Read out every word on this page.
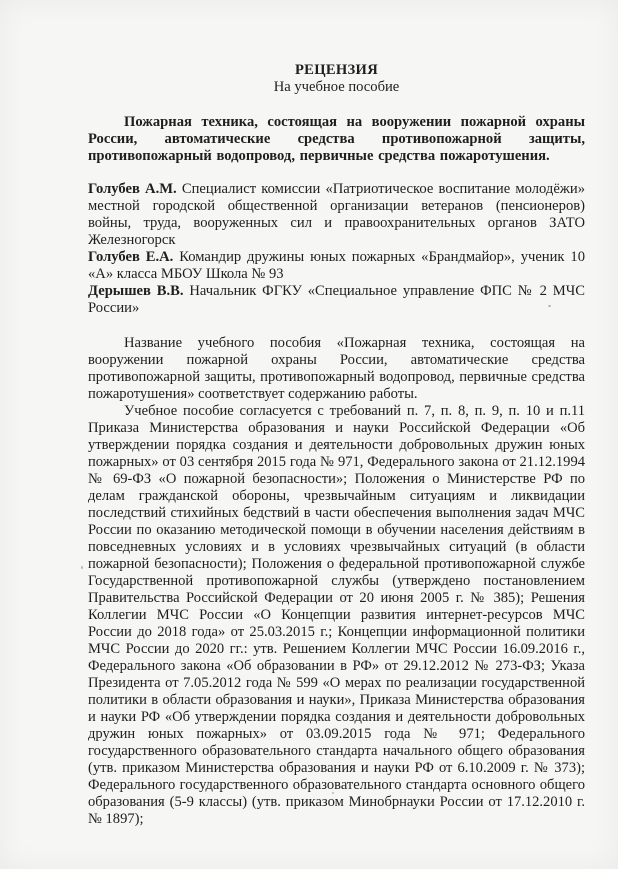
РЕЦЕНЗИЯ

На учебное пособие

Пожарная техника, состоящая на вооружении пожарной охраны России, автоматические средства противопожарной защиты, противопожарный водопровод, первичные средства пожаротушения.

Голубев А.М. Специалист комиссии «Патриотическое воспитание молодёжи» местной городской общественной организации ветеранов (пенсионеров) войны, труда, вооруженных сил и правоохранительных органов ЗАТО Железногорск

Голубев Е.А. Командир дружины юных пожарных «Брандмайор», ученик 10 «А» класса МБОУ Школа № 93

Дерышев В.В. Начальник ФГКУ «Специальное управление ФПС № 2 МЧС России»

Название учебного пособия «Пожарная техника, состоящая на вооружении пожарной охраны России, автоматические средства противопожарной защиты, противопожарный водопровод, первичные средства пожаротушения» соответствует содержанию работы.

Учебное пособие согласуется с требований п. 7, п. 8, п. 9, п. 10 и п.11 Приказа Министерства образования и науки Российской Федерации «Об утверждении порядка создания и деятельности добровольных дружин юных пожарных» от 03 сентября 2015 года № 971, Федерального закона от 21.12.1994 № 69-ФЗ «О пожарной безопасности»; Положения о Министерстве РФ по делам гражданской обороны, чрезвычайным ситуациям и ликвидации последствий стихийных бедствий в части обеспечения выполнения задач МЧС России по оказанию методической помощи в обучении населения действиям в повседневных условиях и в условиях чрезвычайных ситуаций (в области пожарной безопасности); Положения о федеральной противопожарной службе Государственной противопожарной службы (утверждено постановлением Правительства Российской Федерации от 20 июня 2005 г. № 385); Решения Коллегии МЧС России «О Концепции развития интернет-ресурсов МЧС России до 2018 года» от 25.03.2015 г.; Концепции информационной политики МЧС России до 2020 гг.: утв. Решением Коллегии МЧС России 16.09.2016 г., Федерального закона «Об образовании в РФ» от 29.12.2012 № 273-ФЗ; Указа Президента от 7.05.2012 года № 599 «О мерах по реализации государственной политики в области образования и науки», Приказа Министерства образования и науки РФ «Об утверждении порядка создания и деятельности добровольных дружин юных пожарных» от 03.09.2015 года № 971; Федерального государственного образовательного стандарта начального общего образования (утв. приказом Министерства образования и науки РФ от 6.10.2009 г. № 373); Федерального государственного образовательного стандарта основного общего образования (5-9 классы) (утв. приказом Минобрнауки России от 17.12.2010 г. № 1897);
